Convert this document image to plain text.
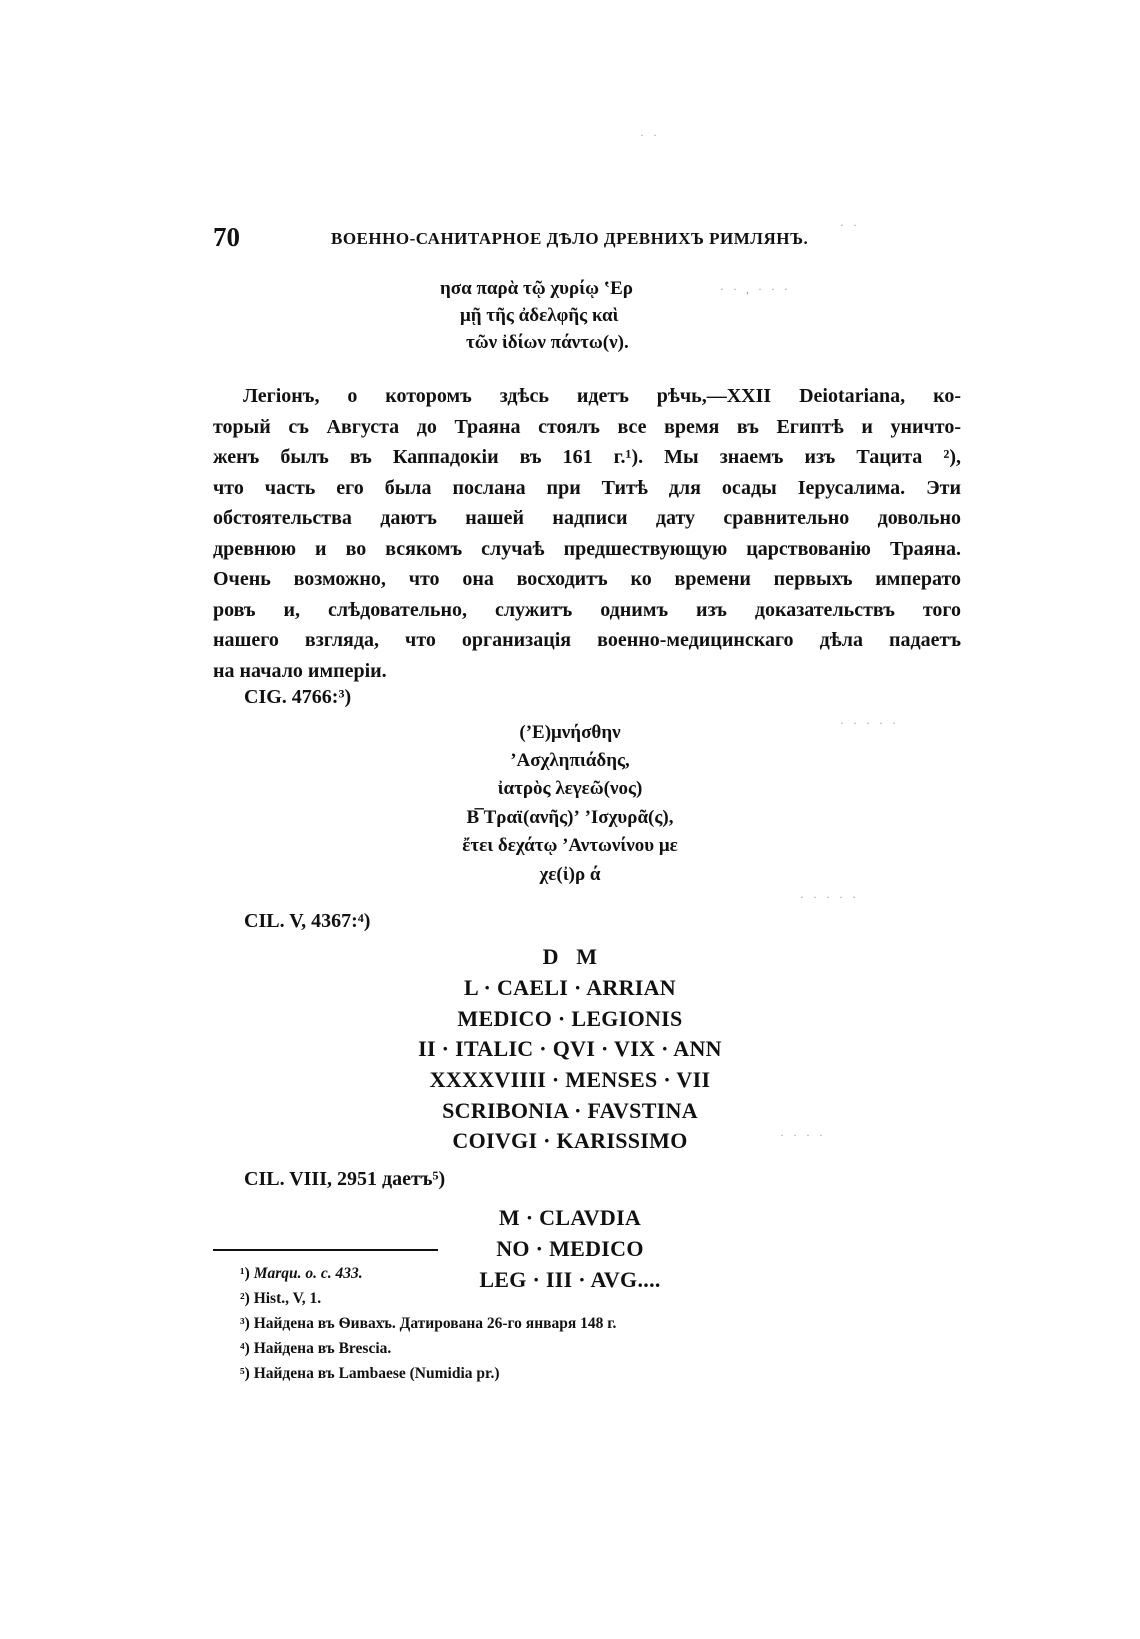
70	ВОЕННО-САНИТАРНОЕ ДѢЛО ДРЕВНИХЪ РИМЛЯНЪ.
ησα παρὰ τῷ χυρίῳ ʽΕρ
μῇ τῆς ἀδελφῆς καὶ
τῶν ἰδίων πάντω(ν).
Легіонъ, о которомъ здѣсь идетъ рѣчь,—XXII Deiotariana, ко-
торый съ Августа до Траяна стоялъ все время въ Египтѣ и уничто-
женъ былъ въ Каппадокіи въ 161 г.¹). Мы знаемъ изъ Тацита ²),
что часть его была послана при Титѣ для осады Іерусалима. Эти
обстоятельства даютъ нашей надписи дату сравнительно довольно
древнюю и во всякомъ случаѣ предшествующую царствованію Траяна.
Очень возможно, что она восходитъ ко времени первыхъ императо
ровъ и, слѣдовательно, служитъ однимъ изъ доказательствъ того
нашего взгляда, что организація военно-медицинскаго дѣла падаетъ
на начало имперіи.
CIG. 4766:³)
(ʼΕ)μνήσθην
ʼΑσχληπιάδης,
ἰατρὸς λεγεῶ(νος)
Β̅ Τραϊ(ανῆς)ʼ ʼΙσχυρᾶ(ς),
ἔτει δεχάτῳ ʼΑντωνίνου με
χε(ἰ)ρ ά
CIL. V, 4367:⁴)
D   M
L · CAELI · ARRIAN
MEDICO · LEGIONIS
II · ITALIC · QVI · VIX · ANN
XXXXVIIII · MENSES · VII
SCRIBONIA · FAVSTINA
COIVGI · KARISSIMO
CIL. VIII, 2951 даетъ⁵)
M · CLAVDIA
NO · MEDICO
LEG · III · AVG....
¹) Marqu. o. c. 433.
²) Hist., V, 1.
³) Найдена въ Ѳивахъ. Датирована 26-го января 148 г.
⁴) Найдена въ Brescia.
⁵) Найдена въ Lambaese (Numidia pr.)
· ·
· ·
· · , · · ·
· · · · ·
· · · · ·
· · · ·
